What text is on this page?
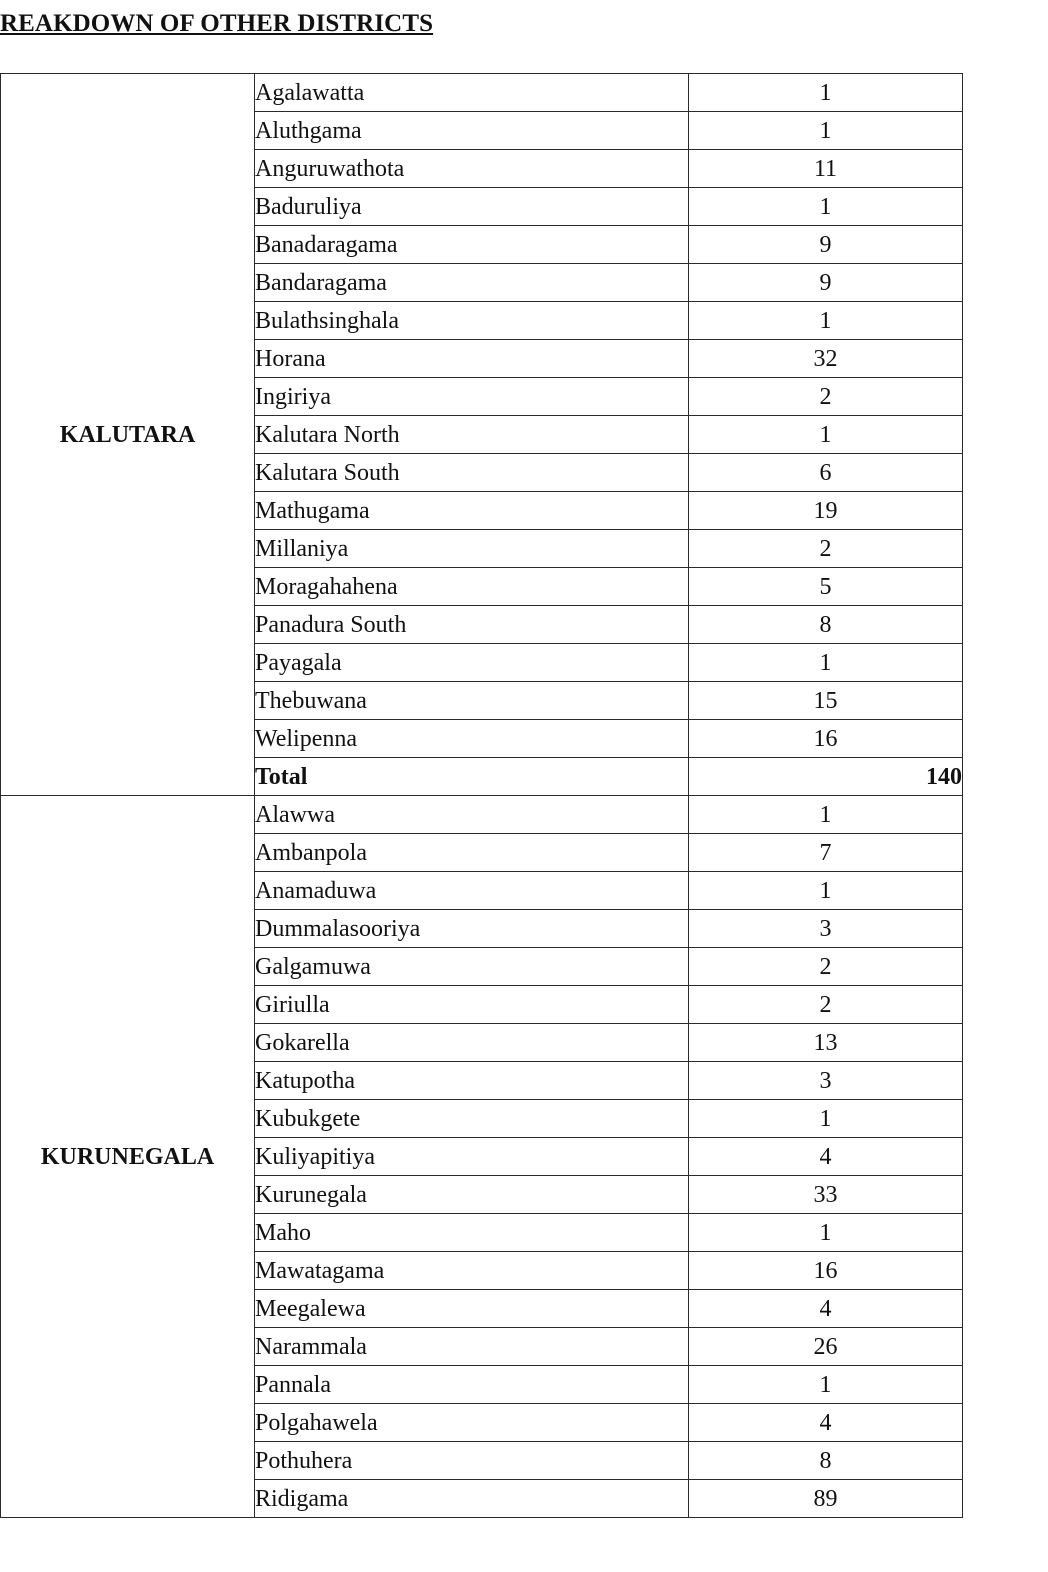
REAKDOWN OF OTHER DISTRICTS
KALUTARA	Agalawatta	1
	Aluthgama	1
	Anguruwathota	11
	Baduruliya	1
	Banadaragama	9
	Bandaragama	9
	Bulathsinghala	1
	Horana	32
	Ingiriya	2
	Kalutara North	1
	Kalutara South	6
	Mathugama	19
	Millaniya	2
	Moragahahena	5
	Panadura South	8
	Payagala	1
	Thebuwana	15
	Welipenna	16
	Total	140
KURUNEGALA	Alawwa	1
	Ambanpola	7
	Anamaduwa	1
	Dummalasooriya	3
	Galgamuwa	2
	Giriulla	2
	Gokarella	13
	Katupotha	3
	Kubukgete	1
	Kuliyapitiya	4
	Kurunegala	33
	Maho	1
	Mawatagama	16
	Meegalewa	4
	Narammala	26
	Pannala	1
	Polgahawela	4
	Pothuhera	8
	Ridigama	89
